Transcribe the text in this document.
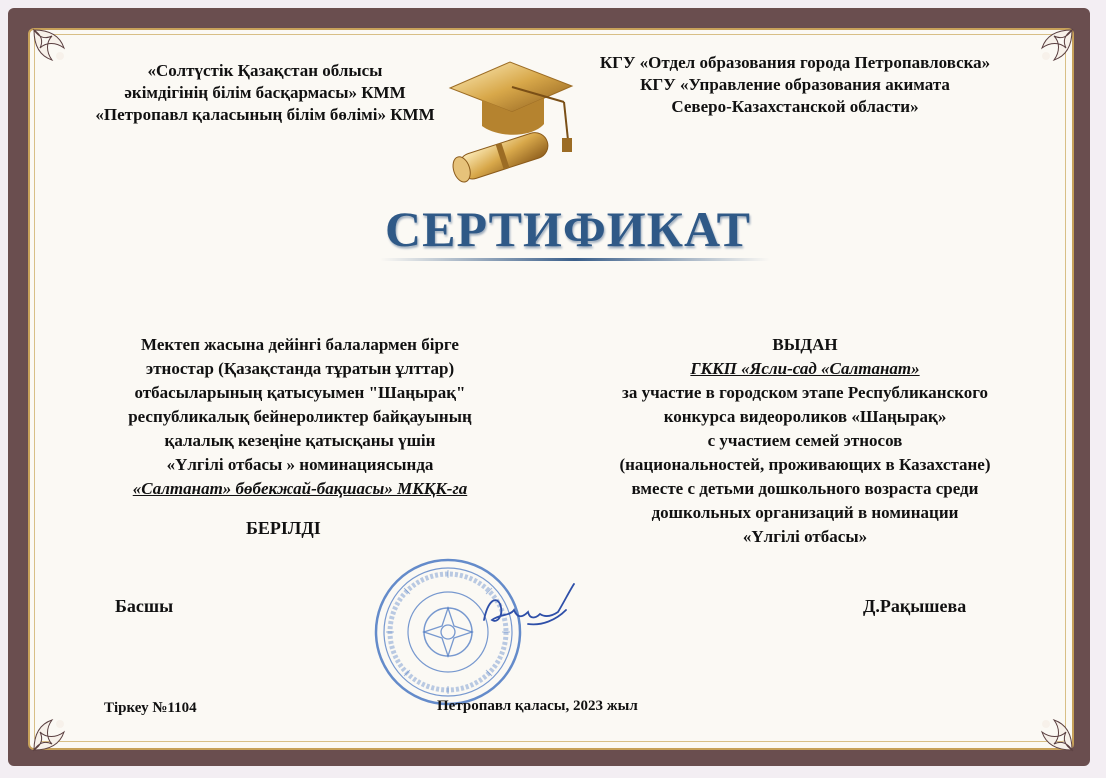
«Солтүстік Қазақстан облысы
әкімдігінің білім басқармасы» КММ
«Петропавл қаласының білім бөлімі» КММ
КГУ «Отдел образования города Петропавловска»
КГУ «Управление образования акимата
Северо-Казахстанской области»
СЕРТИФИКАТ
Мектеп жасына дейінгі балалармен бірге
этностар (Қазақстанда тұратын ұлттар)
отбасыларының қатысуымен "Шаңырақ"
республикалық бейнероликтер байқауының
қалалық кезеңіне қатысқаны үшін
«Үлгілі отбасы » номинациясында
«Салтанат» бөбекжай-бақшасы» МКҚК-га
БЕРІЛДІ
ВЫДАН
ГККП «Ясли-сад «Салтанат»
за участие в городском этапе Республиканского
конкурса видеороликов «Шаңырақ»
с участием семей этносов
(национальностей, проживающих в Казахстане)
вместе с детьми дошкольного возраста среди
дошкольных организаций в номинации
«Үлгілі отбасы»
Басшы	Д.Рақышева
Тіркеу №1104	Петропавл қаласы, 2023 жыл
